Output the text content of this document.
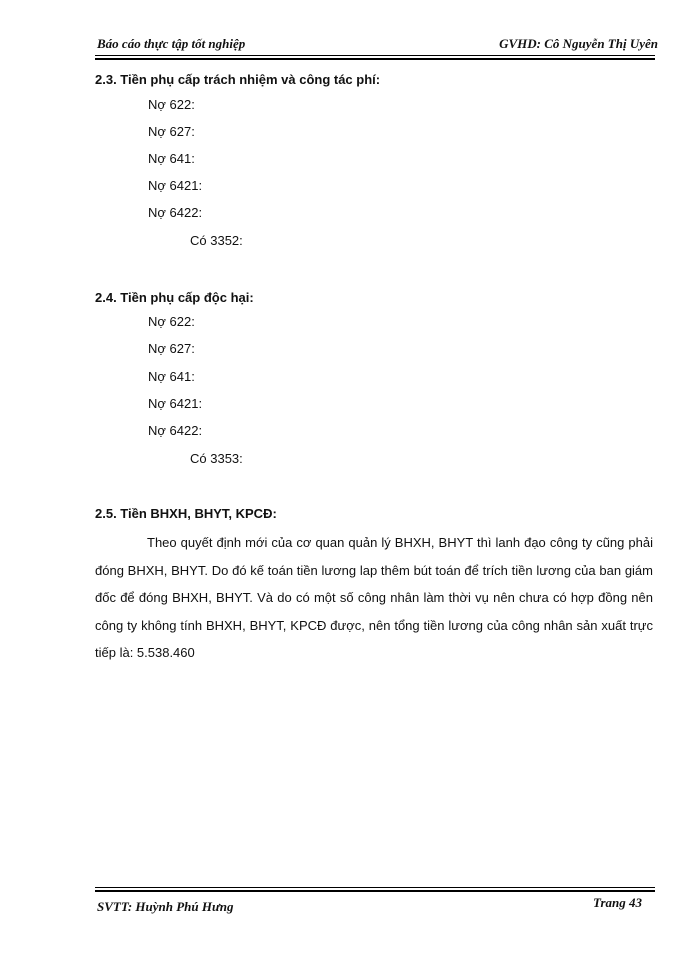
Báo cáo thực tập tốt nghiệp	GVHD: Cô Nguyễn Thị Uyên
2.3. Tiền phụ cấp trách nhiệm và công tác phí:
Nợ 622:
Nợ 627:
Nợ 641:
Nợ 6421:
Nợ 6422:
Có 3352:
2.4. Tiền phụ cấp độc hại:
Nợ 622:
Nợ 627:
Nợ 641:
Nợ 6421:
Nợ 6422:
Có 3353:
2.5. Tiền BHXH, BHYT, KPCĐ:

Theo quyết định mới của cơ quan quản lý BHXH, BHYT thì lanh đạo công ty cũng phải đóng BHXH, BHYT. Do đó kế toán tiền lương lap thêm bút toán để trích tiền lương của ban giám đốc để đóng BHXH, BHYT. Và do có một số công nhân làm thời vụ nên chưa có hợp đồng nên công ty không tính BHXH, BHYT, KPCĐ được, nên tổng tiền lương của công nhân sản xuất trực tiếp là: 5.538.460

SVTT: Huỳnh Phú Hưng	Trang 43
